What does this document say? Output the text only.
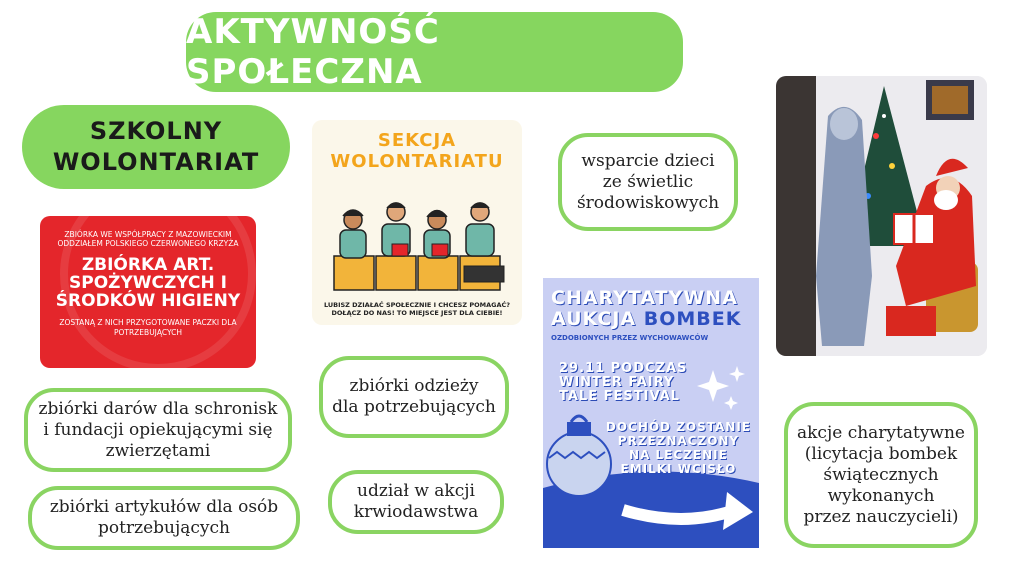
AKTYWNOŚĆ SPOŁECZNA
SZKOLNY
WOLONTARIAT
ZBIÓRKA WE WSPÓŁPRACY Z MAZOWIECKIM ODDZIAŁEM POLSKIEGO CZERWONEGO KRZYŻA
ZBIÓRKA ART.
SPOŻYWCZYCH I
ŚRODKÓW HIGIENY
ZOSTANĄ Z NICH PRZYGOTOWANE PACZKI DLA POTRZEBUJĄCYCH
SEKCJA
WOLONTARIATU
LUBISZ DZIAŁAĆ SPOŁECZNIE I CHCESZ POMAGAĆ? DOŁĄCZ DO NAS! TO MIEJSCE JEST DLA CIEBIE!
CHARYTATYWNA
AUKCJA BOMBEK
OZDOBIONYCH PRZEZ WYCHOWAWCÓW
29.11 PODCZAS
WINTER FAIRY
TALE FESTIVAL
DOCHÓD ZOSTANIE
PRZEZNACZONY
NA LECZENIE
EMILKI WCISŁO
wsparcie dzieci
ze świetlic
środowiskowych
zbiórki darów dla schronisk
i fundacji opiekującymi się
zwierzętami
zbiórki odzieży
dla potrzebujących
zbiórki artykułów dla osób
potrzebujących
udział w akcji
krwiodawstwa
akcje charytatywne
(licytacja bombek
świątecznych
wykonanych
przez nauczycieli)
